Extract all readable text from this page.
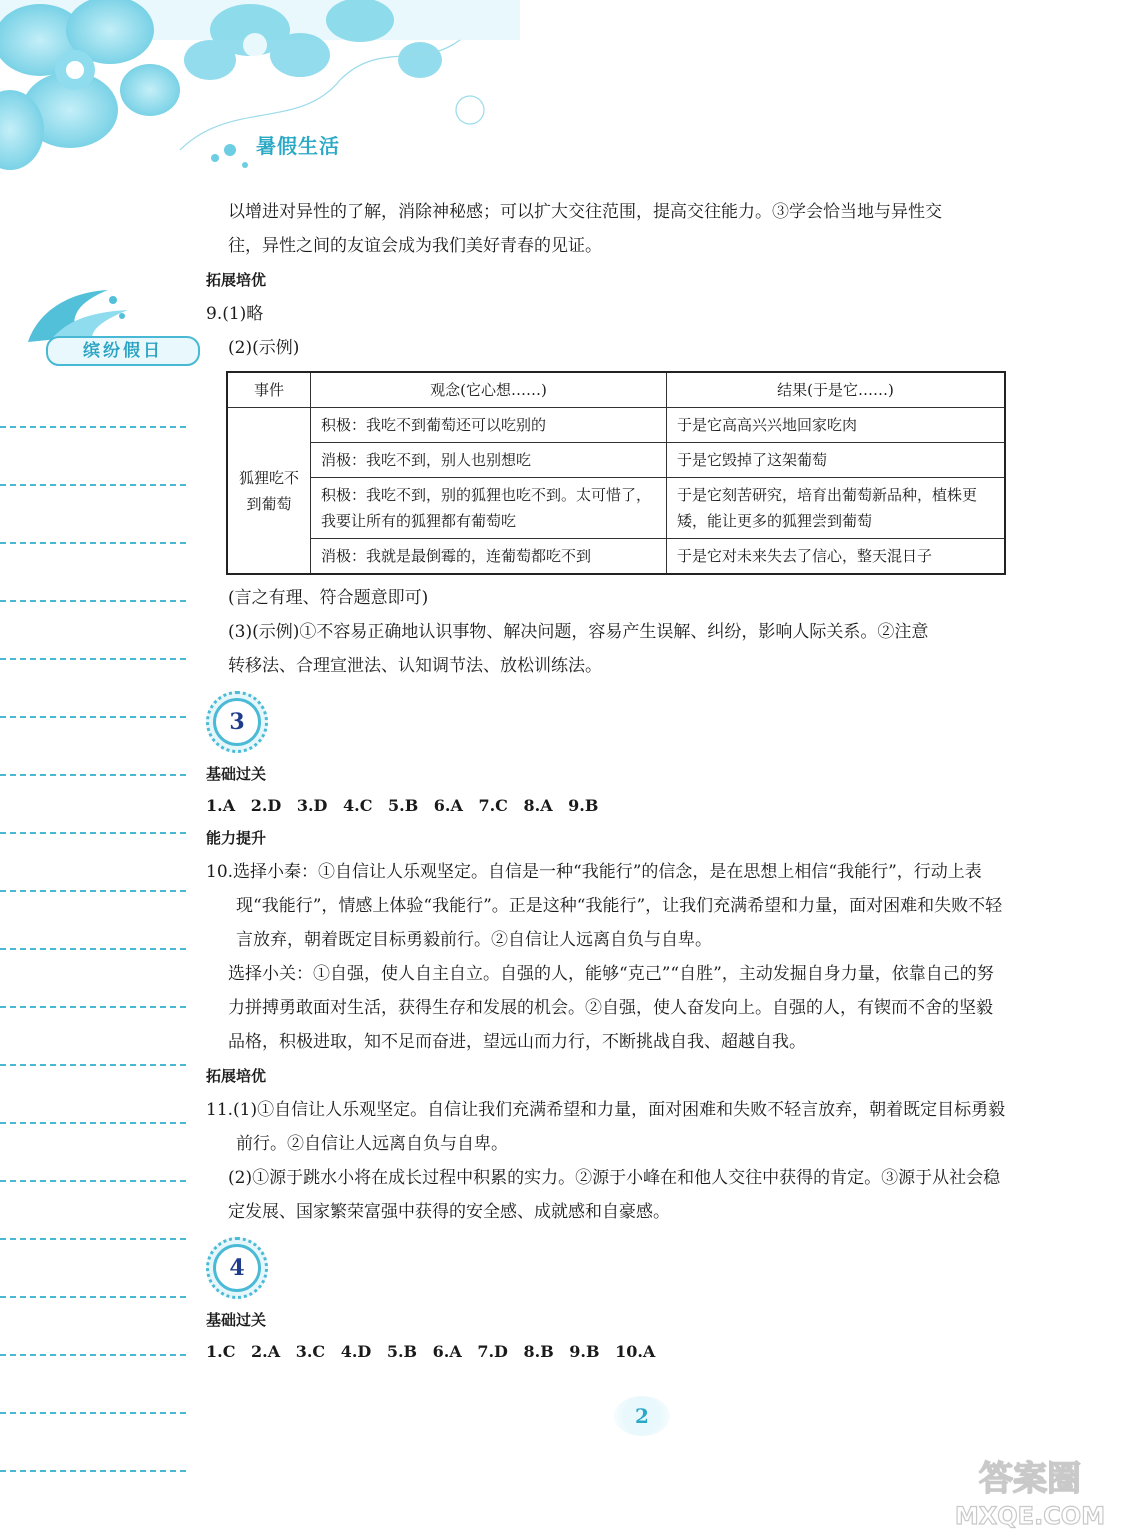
暑假生活
缤纷假日

以增进对异性的了解，消除神秘感；可以扩大交往范围，提高交往能力。③学会恰当地与异性交

往，异性之间的友谊会成为我们美好青春的见证。

拓展培优

9.(1)略

(2)(示例)

事件	观念(它心想……)	结果(于是它……)
狐狸吃不到葡萄	积极：我吃不到葡萄还可以吃别的	于是它高高兴兴地回家吃肉
	消极：我吃不到，别人也别想吃	于是它毁掉了这架葡萄
	积极：我吃不到，别的狐狸也吃不到。太可惜了，我要让所有的狐狸都有葡萄吃	于是它刻苦研究，培育出葡萄新品种，植株更矮，能让更多的狐狸尝到葡萄
	消极：我就是最倒霉的，连葡萄都吃不到	于是它对未来失去了信心，整天混日子

(言之有理、符合题意即可)

(3)(示例)①不容易正确地认识事物、解决问题，容易产生误解、纠纷，影响人际关系。②注意

转移法、合理宣泄法、认知调节法、放松训练法。

3
基础过关
1.A 2.D 3.D 4.C 5.B 6.A 7.C 8.A 9.B
能力提升

10.选择小秦：①自信让人乐观坚定。自信是一种“我能行”的信念，是在思想上相信“我能行”，行动上表现“我能行”，情感上体验“我能行”。正是这种“我能行”，让我们充满希望和力量，面对困难和失败不轻言放弃，朝着既定目标勇毅前行。②自信让人远离自负与自卑。

选择小关：①自强，使人自主自立。自强的人，能够“克己”“自胜”，主动发掘自身力量，依靠自己的努力拼搏勇敢面对生活，获得生存和发展的机会。②自强，使人奋发向上。自强的人，有锲而不舍的坚毅品格，积极进取，知不足而奋进，望远山而力行，不断挑战自我、超越自我。

拓展培优

11.(1)①自信让人乐观坚定。自信让我们充满希望和力量，面对困难和失败不轻言放弃，朝着既定目标勇毅前行。②自信让人远离自负与自卑。

(2)①源于跳水小将在成长过程中积累的实力。②源于小峰在和他人交往中获得的肯定。③源于从社会稳定发展、国家繁荣富强中获得的安全感、成就感和自豪感。

4
基础过关
1.C 2.A 3.C 4.D 5.B 6.A 7.D 8.B 9.B 10.A
2
答案圈
MXQE.COM
